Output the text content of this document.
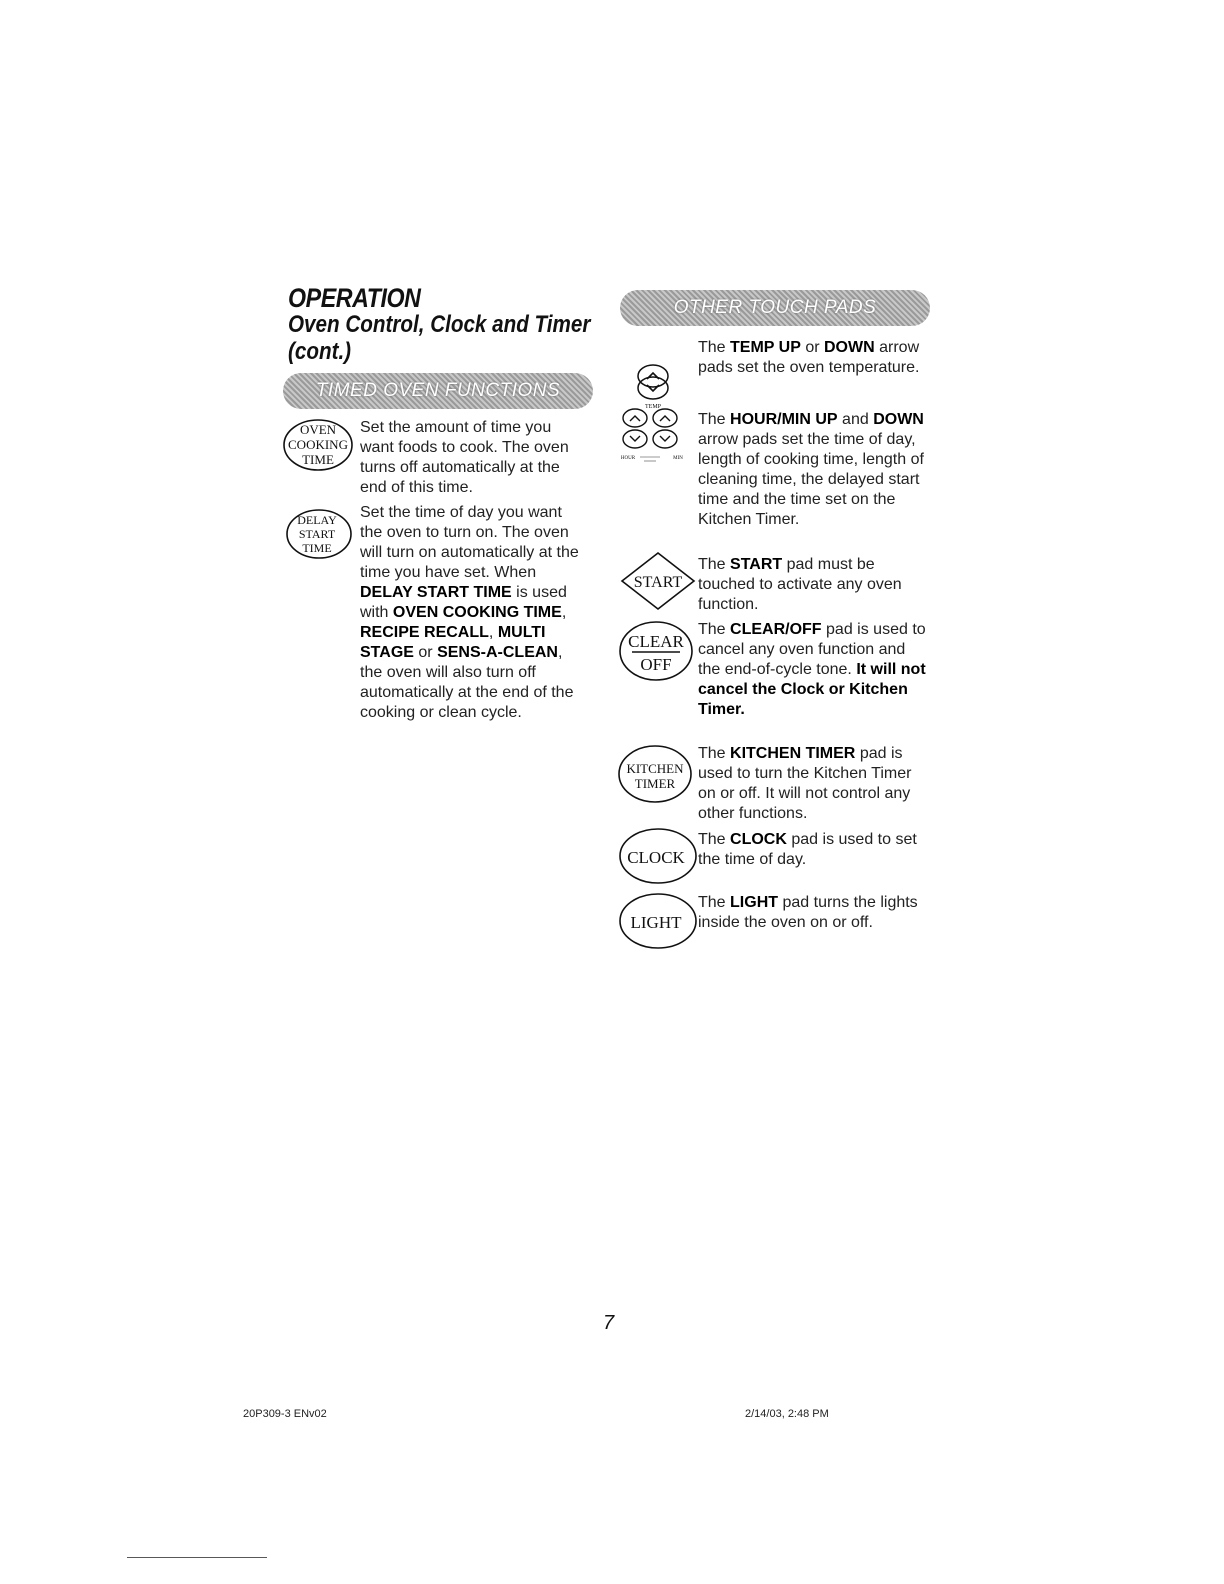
OPERATION
Oven Control, Clock and Timer (cont.)
TIMED OVEN FUNCTIONS
OVEN
COOKING
TIME
Set the amount of time you want foods to cook. The oven turns off automatically at the end of this time.
DELAY
START
TIME
Set the time of day you want the oven to turn on. The oven will turn on automatically at the time you have set. When DELAY START TIME is used with OVEN COOKING TIME, RECIPE RECALL, MULTI STAGE or SENS-A-CLEAN, the oven will also turn off automatically at the end of the cooking or clean cycle.
OTHER TOUCH PADS
TEMP
The TEMP UP or DOWN arrow pads set the oven temperature.
HOUR	MIN
The HOUR/MIN UP and DOWN arrow pads set the time of day, length of cooking time, length of cleaning time, the delayed start time and the time set on the Kitchen Timer.
START
The START pad must be touched to activate any oven function.
CLEAR
OFF
The CLEAR/OFF pad is used to cancel any oven function and the end-of-cycle tone. It will not cancel the Clock or Kitchen Timer.
KITCHEN
TIMER
The KITCHEN TIMER pad is used to turn the Kitchen Timer on or off. It will not control any other functions.
CLOCK
The CLOCK pad is used to set the time of day.
LIGHT
The LIGHT pad turns the lights inside the oven on or off.
7
20P309-3 ENv02	2/14/03, 2:48 PM
